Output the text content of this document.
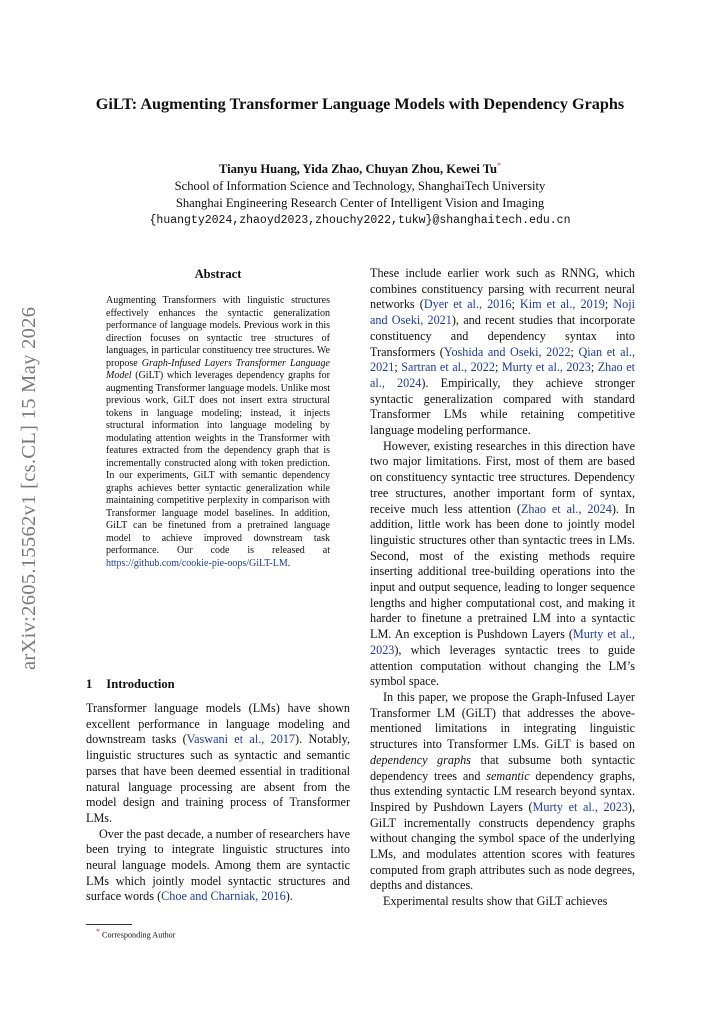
arXiv:2605.15562v1 [cs.CL] 15 May 2026
GiLT: Augmenting Transformer Language Models with Dependency Graphs
Tianyu Huang, Yida Zhao, Chuyan Zhou, Kewei Tu*
School of Information Science and Technology, ShanghaiTech University
Shanghai Engineering Research Center of Intelligent Vision and Imaging
{huangty2024,zhaoyd2023,zhouchy2022,tukw}@shanghaitech.edu.cn
Abstract
Augmenting Transformers with linguistic structures effectively enhances the syntactic generalization performance of language models. Previous work in this direction focuses on syntactic tree structures of languages, in particular constituency tree structures. We propose Graph-Infused Layers Transformer Language Model (GiLT) which leverages dependency graphs for augmenting Transformer language models. Unlike most previous work, GiLT does not insert extra structural tokens in language modeling; instead, it injects structural information into language modeling by modulating attention weights in the Transformer with features extracted from the dependency graph that is incrementally constructed along with token prediction. In our experiments, GiLT with semantic dependency graphs achieves better syntactic generalization while maintaining competitive perplexity in comparison with Transformer language model baselines. In addition, GiLT can be finetuned from a pretrained language model to achieve improved downstream task performance. Our code is released at https://github.com/cookie-pie-oops/GiLT-LM.
1 Introduction

Transformer language models (LMs) have shown excellent performance in language modeling and downstream tasks (Vaswani et al., 2017). Notably, linguistic structures such as syntactic and semantic parses that have been deemed essential in traditional natural language processing are absent from the model design and training process of Transformer LMs.

Over the past decade, a number of researchers have been trying to integrate linguistic structures into neural language models. Among them are syntactic LMs which jointly model syntactic structures and surface words (Choe and Charniak, 2016).

* Corresponding Author

These include earlier work such as RNNG, which combines constituency parsing with recurrent neural networks (Dyer et al., 2016; Kim et al., 2019; Noji and Oseki, 2021), and recent studies that incorporate constituency and dependency syntax into Transformers (Yoshida and Oseki, 2022; Qian et al., 2021; Sartran et al., 2022; Murty et al., 2023; Zhao et al., 2024). Empirically, they achieve stronger syntactic generalization compared with standard Transformer LMs while retaining competitive language modeling performance.

However, existing researches in this direction have two major limitations. First, most of them are based on constituency syntactic tree structures. Dependency tree structures, another important form of syntax, receive much less attention (Zhao et al., 2024). In addition, little work has been done to jointly model linguistic structures other than syntactic trees in LMs. Second, most of the existing methods require inserting additional tree-building operations into the input and output sequence, leading to longer sequence lengths and higher computational cost, and making it harder to finetune a pretrained LM into a syntactic LM. An exception is Pushdown Layers (Murty et al., 2023), which leverages syntactic trees to guide attention computation without changing the LM’s symbol space.

In this paper, we propose the Graph-Infused Layer Transformer LM (GiLT) that addresses the above-mentioned limitations in integrating linguistic structures into Transformer LMs. GiLT is based on dependency graphs that subsume both syntactic dependency trees and semantic dependency graphs, thus extending syntactic LM research beyond syntax. Inspired by Pushdown Layers (Murty et al., 2023), GiLT incrementally constructs dependency graphs without changing the symbol space of the underlying LMs, and modulates attention scores with features computed from graph attributes such as node degrees, depths and distances.

Experimental results show that GiLT achieves
